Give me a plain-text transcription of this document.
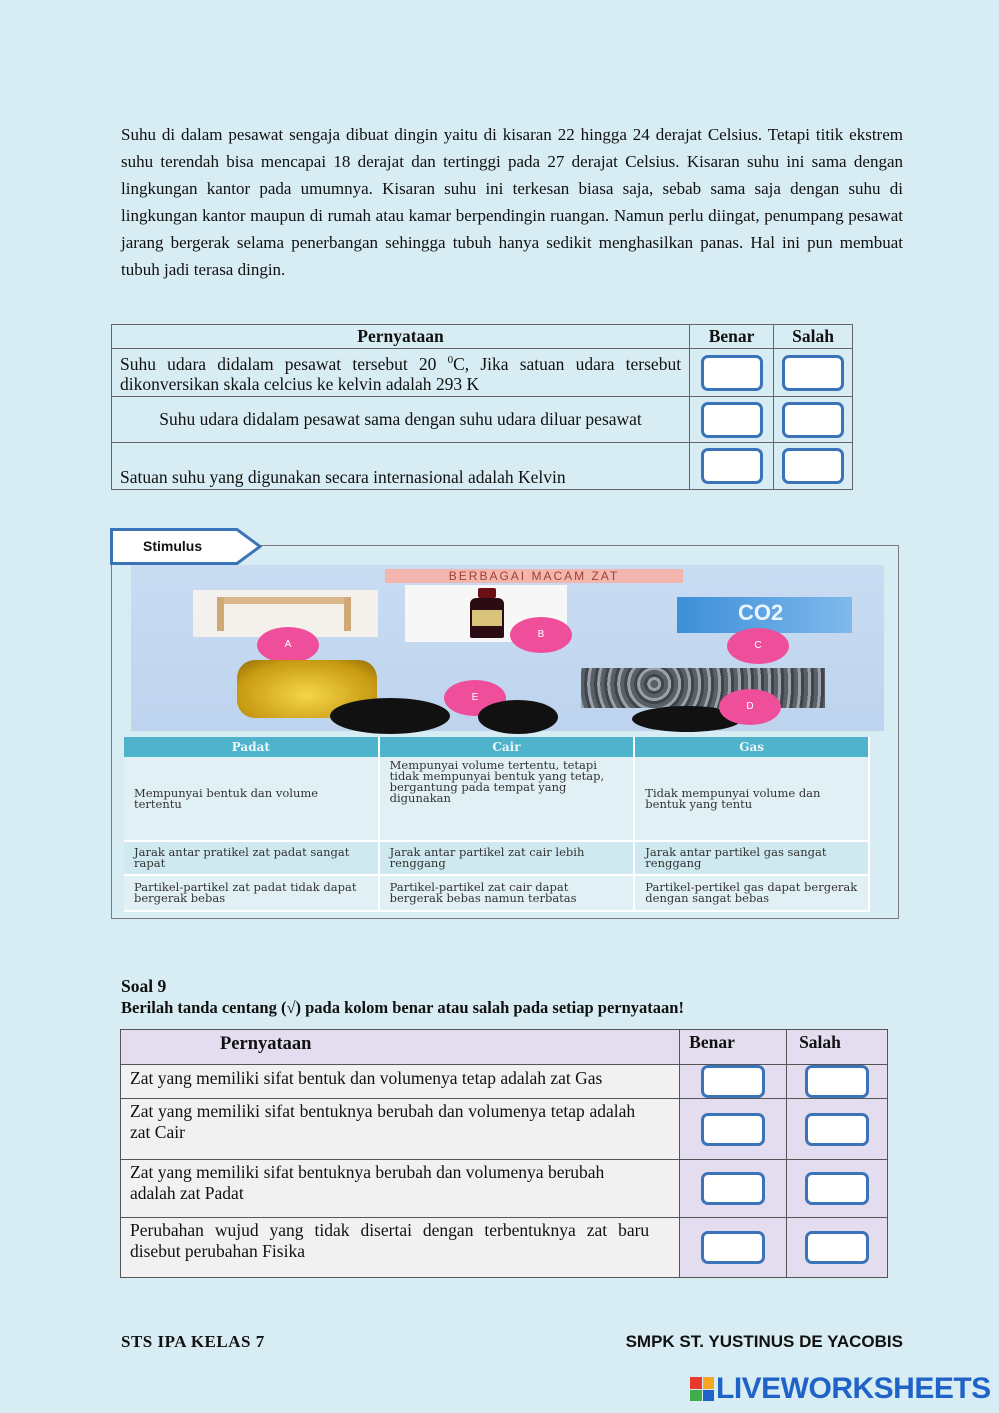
Suhu di dalam pesawat sengaja dibuat dingin yaitu di kisaran 22 hingga 24 derajat Celsius. Tetapi titik ekstrem suhu terendah bisa mencapai 18 derajat dan tertinggi pada 27 derajat Celsius. Kisaran suhu ini sama dengan lingkungan kantor pada umumnya. Kisaran suhu ini terkesan biasa saja, sebab sama saja dengan suhu di lingkungan kantor maupun di rumah atau kamar berpendingin ruangan. Namun perlu diingat, penumpang pesawat jarang bergerak selama penerbangan sehingga tubuh hanya sedikit menghasilkan panas. Hal ini pun membuat tubuh jadi terasa dingin.
Pernyataan	Benar	Salah
Suhu udara didalam pesawat tersebut 20 $^0$C, Jika satuan udara tersebut dikonversikan skala celcius ke kelvin adalah 293 K	

Suhu udara didalam pesawat sama dengan suhu udara diluar pesawat	

Satuan suhu yang digunakan secara internasional adalah Kelvin	

Stimulus
BERBAGAI MACAM ZAT
A
B
CO2
C
E
D
Padat	Cair	Gas
Mempunyai bentuk dan volume tertentu	Mempunyai volume tertentu, tetapi tidak mempunyai bentuk yang tetap, bergantung pada tempat yang digunakan	Tidak mempunyai volume dan bentuk yang tentu
Jarak antar pratikel zat padat sangat rapat	Jarak antar partikel zat cair lebih renggang	Jarak antar partikel gas sangat renggang
Partikel-partikel zat padat tidak dapat bergerak bebas	Partikel-partikel zat cair dapat bergerak bebas namun terbatas	Partikel-pertikel gas dapat bergerak dengan sangat bebas
Soal 9
Berilah tanda centang (√) pada kolom benar atau salah pada setiap pernyataan!
Pernyataan	Benar	Salah
Zat yang memiliki sifat bentuk dan volumenya tetap adalah zat Gas	

Zat yang memiliki sifat bentuknya berubah dan volumenya tetap adalah zat Cair	

Zat yang memiliki sifat bentuknya berubah dan volumenya berubah adalah zat Padat	

Perubahan wujud yang tidak disertai dengan terbentuknya zat baru disebut perubahan Fisika	

STS IPA KELAS 7	SMPK ST. YUSTINUS DE YACOBIS
LIVEWORKSHEETS
